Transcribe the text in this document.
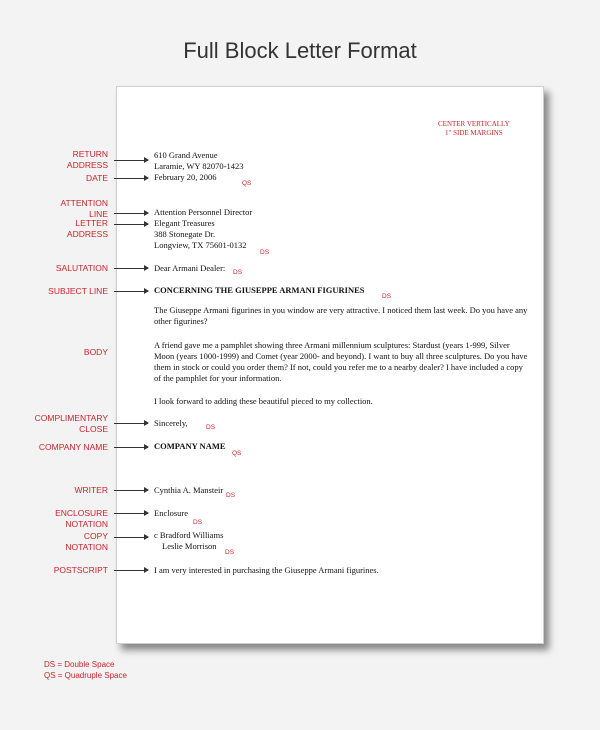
Full Block Letter Format
CENTER VERTICALLY
1" SIDE MARGINS
RETURN
ADDRESS
DATE
ATTENTION
LINE
LETTER
ADDRESS
SALUTATION
SUBJECT LINE
BODY
COMPLIMENTARY
CLOSE
COMPANY NAME
WRITER
ENCLOSURE
NOTATION
COPY
NOTATION
POSTSCRIPT
610 Grand Avenue
Laramie, WY 82070-1423
February 20, 2006
QS
Attention Personnel Director
Elegant Treasures
388 Stonegate Dr.
Longview, TX 75601-0132
DS
Dear Armani Dealer: DS
CONCERNING THE GIUSEPPE ARMANI FIGURINES
DS
The Giuseppe Armani figurines in you window are very attractive. I noticed them last week. Do you have any other figurines?
A friend gave me a pamphlet showing three Armani millennium sculptures: Stardust (years 1-999, Silver Moon (years 1000-1999) and Comet (year 2000- and beyond). I want to buy all three sculptures. Do you have them in stock or could you order them? If not, could you refer me to a nearby dealer? I have included a copy of the pamphlet for your information.
I look forward to adding these beautiful pieced to my collection.
Sincerely,	DS
COMPANY NAME
QS
Cynthia A. Mansteir
DS
Enclosure
DS
c Bradford Williams
Leslie Morrison
DS
I am very interested in purchasing the Giuseppe Armani figurines.
DS = Double Space
QS = Quadruple Space
